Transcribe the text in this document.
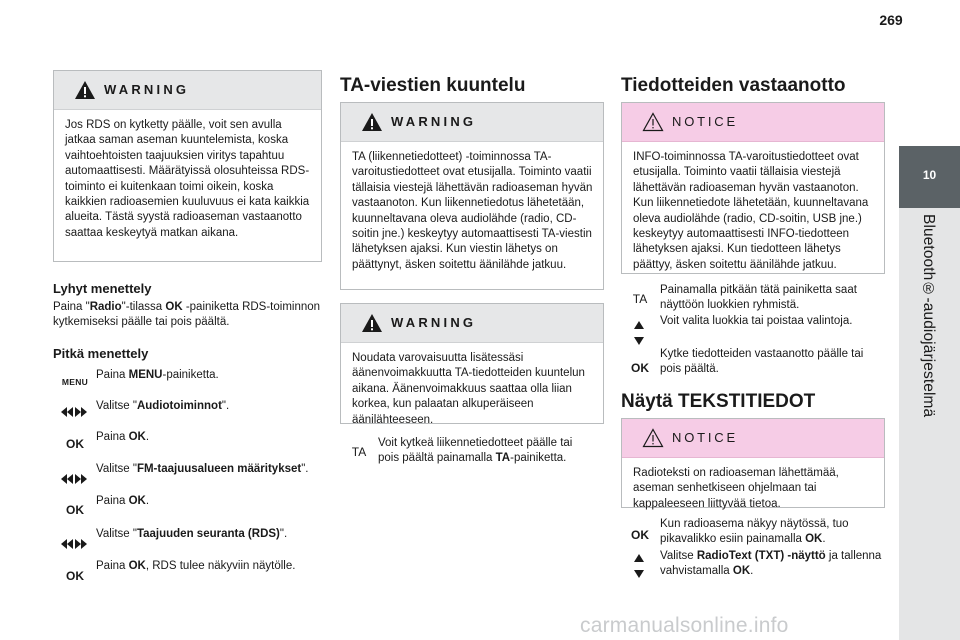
269
10
Bluetooth®-audiojärjestelmä
WARNING
Jos RDS on kytketty päälle, voit sen avulla jatkaa saman aseman kuuntelemista, koska vaihtoehtoisten taajuuksien viritys tapahtuu automaattisesti. Määrätyissä olosuhteissa RDS-toiminto ei kuitenkaan toimi oikein, koska kaikkien radioasemien kuuluvuus ei kata kaikkia alueita. Tästä syystä radioaseman vastaanotto saattaa keskeytyä matkan aikana.
Lyhyt menettely
Paina "Radio"-tilassa OK -painiketta RDS-toiminnon kytkemiseksi päälle tai pois päältä.
Pitkä menettely
MENU
Paina MENU-painiketta.
Valitse "Audiotoiminnot".
OK	Paina OK.
Valitse "FM-taajuusalueen määritykset".
OK
Paina OK.
Valitse "Taajuuden seuranta (RDS)".
OK
Paina OK, RDS tulee näkyviin näytölle.
TA-viestien kuuntelu
WARNING
TA (liikennetiedotteet) -toiminnossa TA-varoitustiedotteet ovat etusijalla. Toiminto vaatii tällaisia viestejä lähettävän radioaseman hyvän vastaanoton. Kun liikennetiedotus lähetetään, kuunneltavana oleva audiolähde (radio, CD-soitin jne.) keskeytyy automaattisesti TA-viestin lähetyksen ajaksi. Kun viestin lähetys on päättynyt, äsken soitettu äänilähde jatkuu.
WARNING
Noudata varovaisuutta lisätessäsi äänenvoimakkuutta TA-tiedotteiden kuuntelun aikana. Äänenvoimakkuus saattaa olla liian korkea, kun palaatan alkuperäiseen äänilähteeseen.
TA
Voit kytkeä liikennetiedotteet päälle tai pois päältä painamalla TA-painiketta.
Tiedotteiden vastaanotto
NOTICE
INFO-toiminnossa TA-varoitustiedotteet ovat etusijalla. Toiminto vaatii tällaisia viestejä lähettävän radioaseman hyvän vastaanoton. Kun liikennetiedote lähetetään, kuunneltavana oleva audiolähde (radio, CD-soitin, USB jne.) keskeytyy automaattisesti INFO-tiedotteen lähetyksen ajaksi. Kun tiedotteen lähetys päättyy, äsken soitettu äänilähde jatkuu.
TA
Painamalla pitkään tätä painiketta saat näyttöön luokkien ryhmistä.
Voit valita luokkia tai poistaa valintoja.
OK
Kytke tiedotteiden vastaanotto päälle tai pois päältä.
Näytä TEKSTITIEDOT
NOTICE
Radioteksti on radioaseman lähettämää, aseman senhetkiseen ohjelmaan tai kappaleeseen liittyvää tietoa.
OK
Kun radioasema näkyy näytössä, tuo pikavalikko esiin painamalla OK.
Valitse RadioText (TXT) -näyttö ja tallenna vahvistamalla OK.
carmanualsonline.info
